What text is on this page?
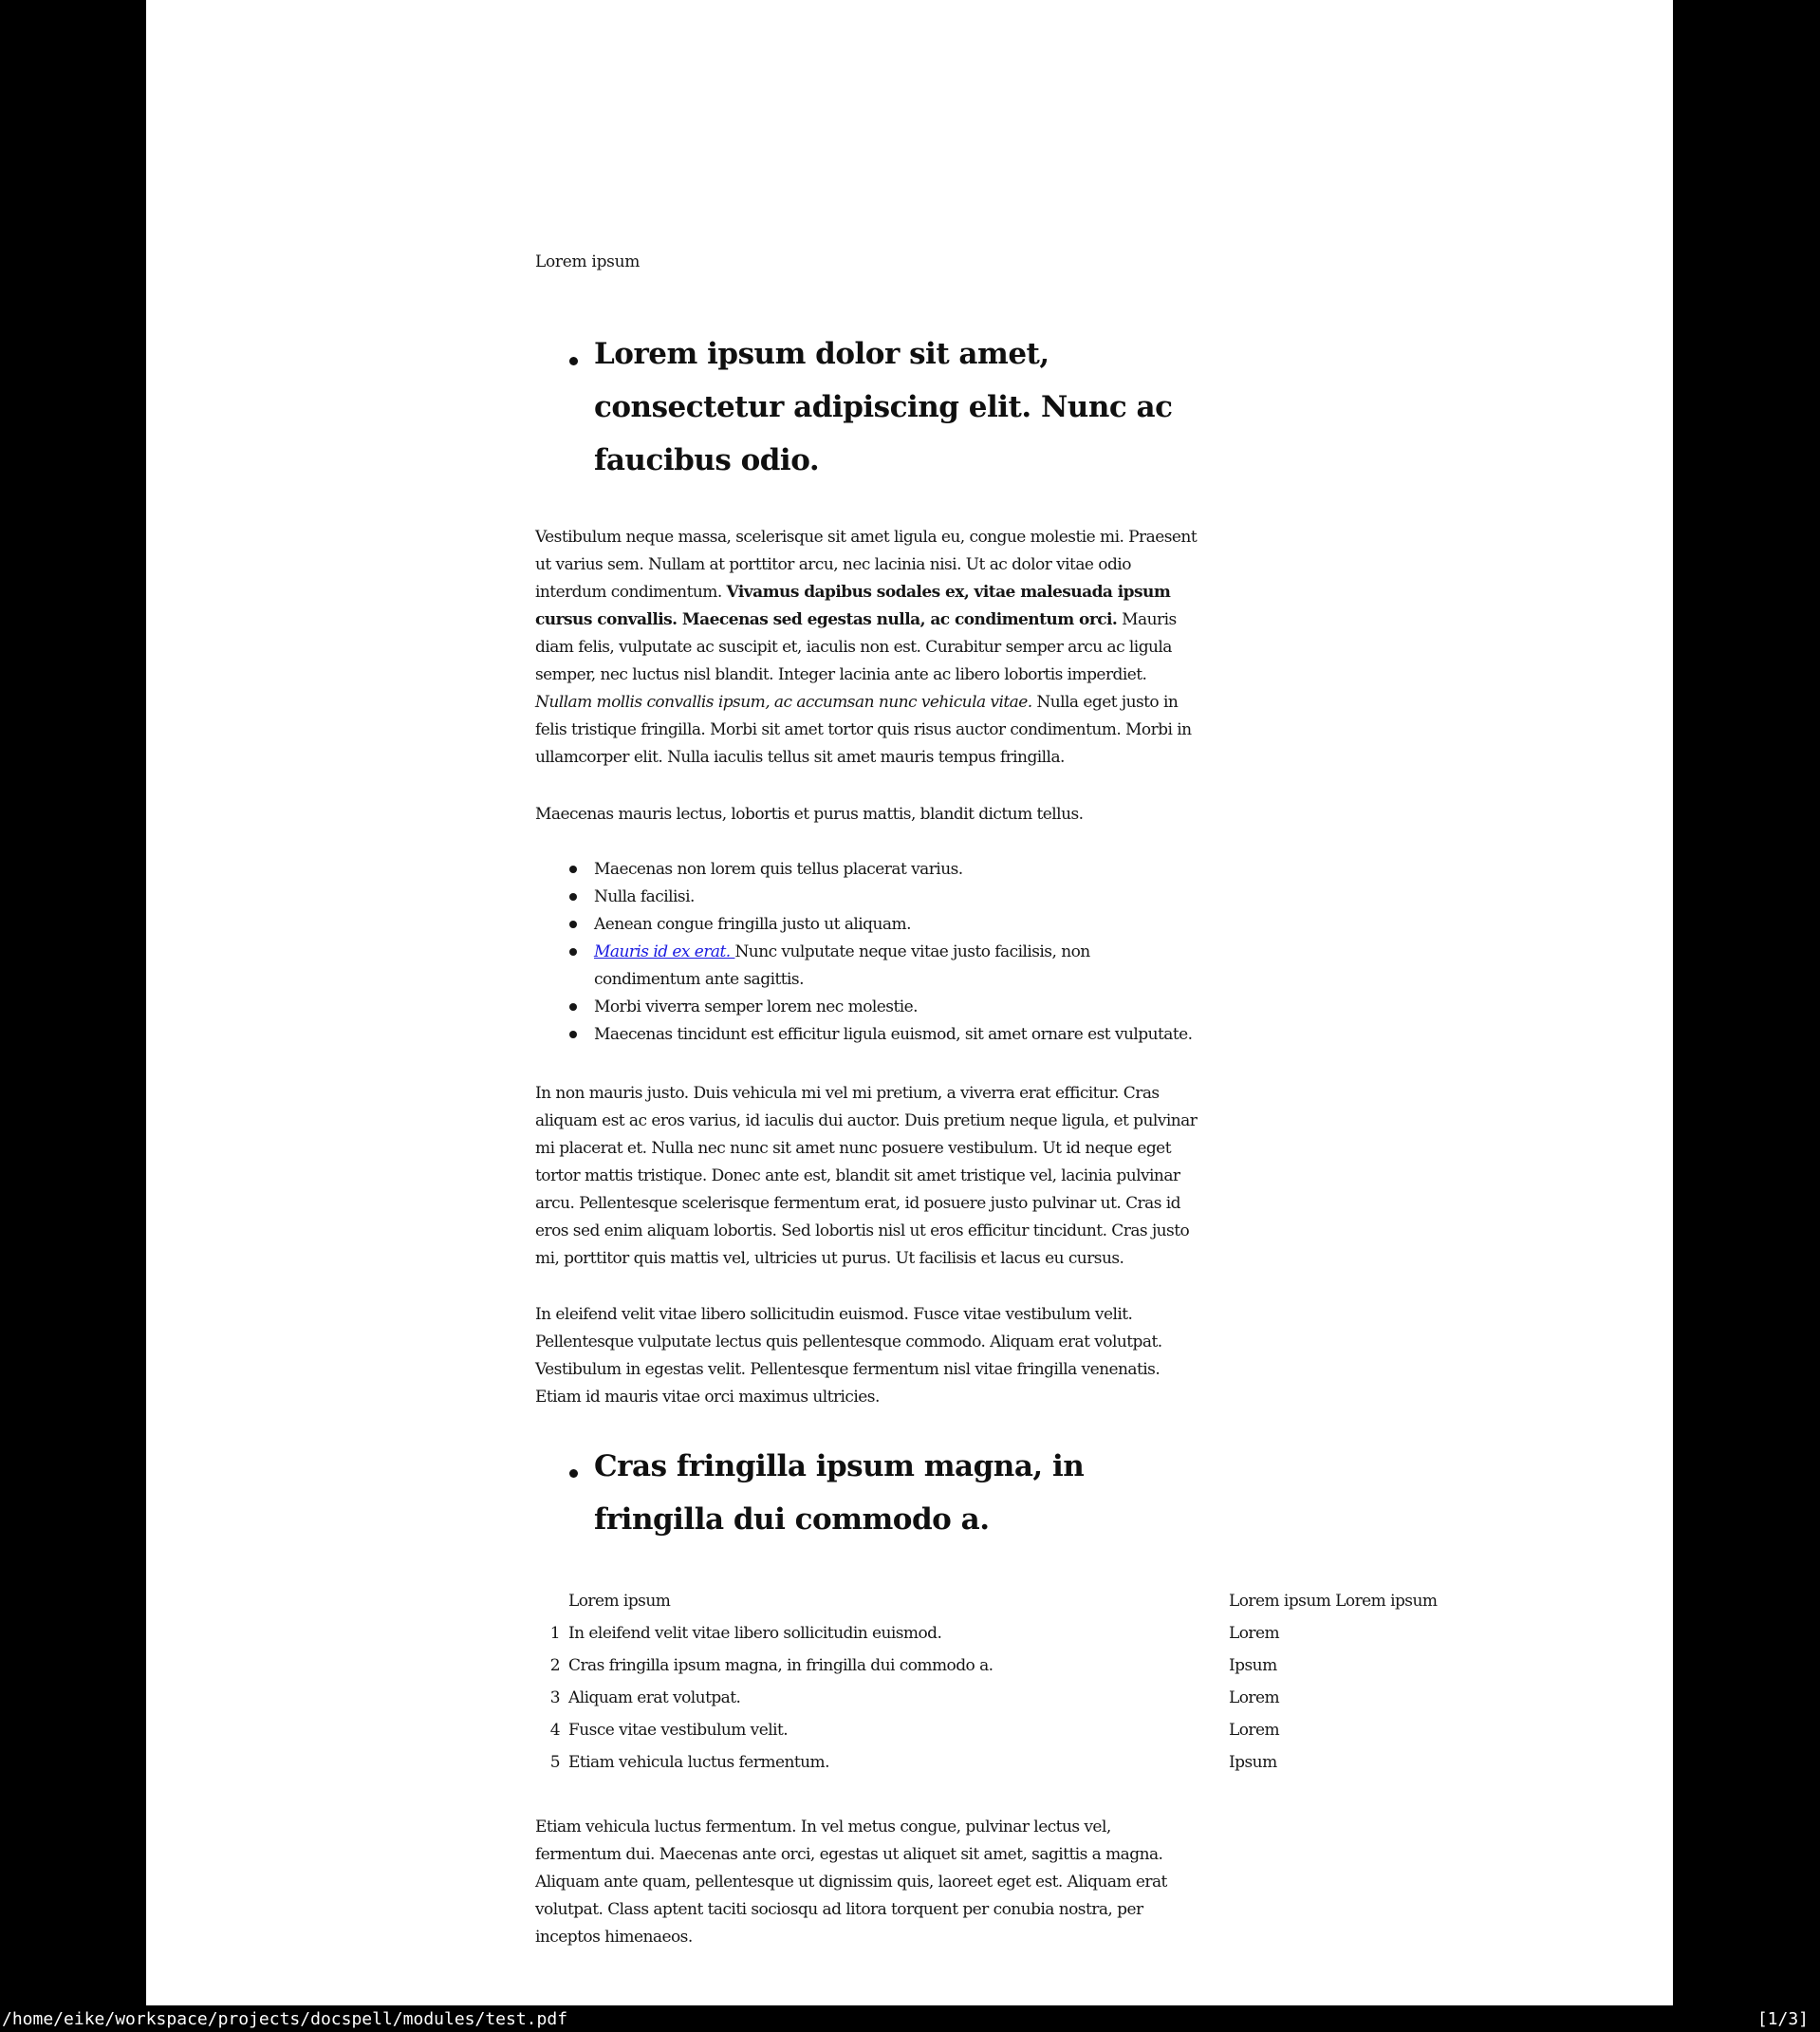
Lorem ipsum

Lorem ipsum dolor sit amet, consectetur adipiscing elit. Nunc ac faucibus odio.

Vestibulum neque massa, scelerisque sit amet ligula eu, congue molestie mi. Praesent ut varius sem. Nullam at porttitor arcu, nec lacinia nisi. Ut ac dolor vitae odio interdum condimentum. Vivamus dapibus sodales ex, vitae malesuada ipsum cursus convallis. Maecenas sed egestas nulla, ac condimentum orci. Mauris diam felis, vulputate ac suscipit et, iaculis non est. Curabitur semper arcu ac ligula semper, nec luctus nisl blandit. Integer lacinia ante ac libero lobortis imperdiet. Nullam mollis convallis ipsum, ac accumsan nunc vehicula vitae. Nulla eget justo in felis tristique fringilla. Morbi sit amet tortor quis risus auctor condimentum. Morbi in ullamcorper elit. Nulla iaculis tellus sit amet mauris tempus fringilla.

Maecenas mauris lectus, lobortis et purus mattis, blandit dictum tellus.

Maecenas non lorem quis tellus placerat varius.
Nulla facilisi.
Aenean congue fringilla justo ut aliquam.
Mauris id ex erat. Nunc vulputate neque vitae justo facilisis, non condimentum ante sagittis.
Morbi viverra semper lorem nec molestie.
Maecenas tincidunt est efficitur ligula euismod, sit amet ornare est vulputate.

In non mauris justo. Duis vehicula mi vel mi pretium, a viverra erat efficitur. Cras aliquam est ac eros varius, id iaculis dui auctor. Duis pretium neque ligula, et pulvinar mi placerat et. Nulla nec nunc sit amet nunc posuere vestibulum. Ut id neque eget tortor mattis tristique. Donec ante est, blandit sit amet tristique vel, lacinia pulvinar arcu. Pellentesque scelerisque fermentum erat, id posuere justo pulvinar ut. Cras id eros sed enim aliquam lobortis. Sed lobortis nisl ut eros efficitur tincidunt. Cras justo mi, porttitor quis mattis vel, ultricies ut purus. Ut facilisis et lacus eu cursus.

In eleifend velit vitae libero sollicitudin euismod. Fusce vitae vestibulum velit. Pellentesque vulputate lectus quis pellentesque commodo. Aliquam erat volutpat. Vestibulum in egestas velit. Pellentesque fermentum nisl vitae fringilla venenatis. Etiam id mauris vitae orci maximus ultricies.

Cras fringilla ipsum magna, in fringilla dui commodo a.
Lorem ipsum	Lorem ipsum Lorem ipsum
1 In eleifend velit vitae libero sollicitudin euismod.	Lorem
2 Cras fringilla ipsum magna, in fringilla dui commodo a.	Ipsum
3 Aliquam erat volutpat.	Lorem
4 Fusce vitae vestibulum velit.	Lorem
5 Etiam vehicula luctus fermentum.	Ipsum

Etiam vehicula luctus fermentum. In vel metus congue, pulvinar lectus vel, fermentum dui. Maecenas ante orci, egestas ut aliquet sit amet, sagittis a magna. Aliquam ante quam, pellentesque ut dignissim quis, laoreet eget est. Aliquam erat volutpat. Class aptent taciti sociosqu ad litora torquent per conubia nostra, per inceptos himenaeos.

/home/eike/workspace/projects/docspell/modules/test.pdf	[1/3]
